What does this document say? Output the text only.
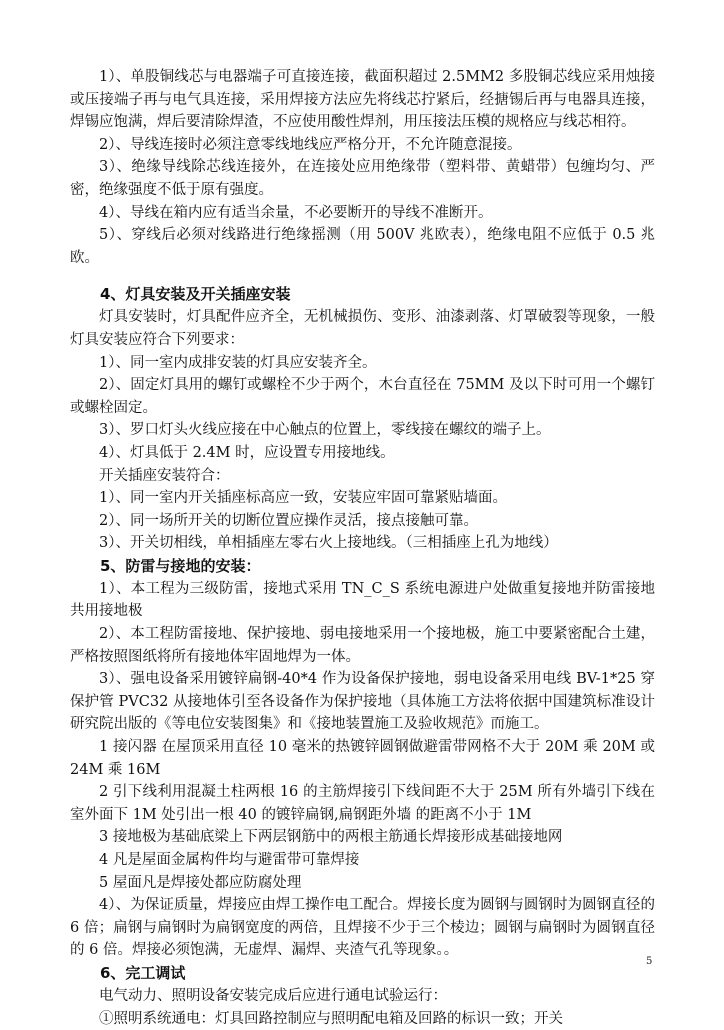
1）、单股铜线芯与电器端子可直接连接，截面积超过 2.5MM2 多股铜芯线应采用烛接或压接端子再与电气具连接，采用焊接方法应先将线芯拧紧后，经搪锡后再与电器具连接，焊锡应饱满，焊后要清除焊渣，不应使用酸性焊剂，用压接法压模的规格应与线芯相符。

2）、导线连接时必须注意零线地线应严格分开，不允许随意混接。

3）、绝缘导线除芯线连接外，在连接处应用绝缘带（塑料带、黄蜡带）包缠均匀、严密，绝缘强度不低于原有强度。

4）、导线在箱内应有适当余量，不必要断开的导线不准断开。

5）、穿线后必须对线路进行绝缘摇测（用 500V 兆欧表），绝缘电阻不应低于 0.5 兆欧。

4、灯具安装及开关插座安装

灯具安装时，灯具配件应齐全，无机械损伤、变形、油漆剥落、灯罩破裂等现象，一般灯具安装应符合下列要求：

1）、同一室内成排安装的灯具应安装齐全。

2）、固定灯具用的螺钉或螺栓不少于两个，木台直径在 75MM 及以下时可用一个螺钉或螺栓固定。

3）、罗口灯头火线应接在中心触点的位置上，零线接在螺纹的端子上。

4）、灯具低于 2.4M 时，应设置专用接地线。

开关插座安装符合：

1）、同一室内开关插座标高应一致，安装应牢固可靠紧贴墙面。

2）、同一场所开关的切断位置应操作灵活，接点接触可靠。

3）、开关切相线，单相插座左零右火上接地线。（三相插座上孔为地线）

5、防雷与接地的安装：

1）、本工程为三级防雷，接地式采用 TN_C_S 系统电源进户处做重复接地并防雷接地共用接地极

2）、本工程防雷接地、保护接地、弱电接地采用一个接地极，施工中要紧密配合土建，严格按照图纸将所有接地体牢固地焊为一体。

3）、强电设备采用镀锌扁钢-40*4 作为设备保护接地，弱电设备采用电线 BV-1*25 穿保护管 PVC32 从接地体引至各设备作为保护接地（具体施工方法将依据中国建筑标准设计研究院出版的《等电位安装图集》和《接地装置施工及验收规范》而施工。

1 接闪器 在屋顶采用直径 10 毫米的热镀锌圆钢做避雷带网格不大于 20M 乘 20M 或 24M 乘 16M

2 引下线利用混凝土柱两根 16 的主筋焊接引下线间距不大于 25M 所有外墙引下线在室外面下 1M 处引出一根 40 的镀锌扁钢,扁钢距外墙 的距离不小于 1M

3 接地极为基础底梁上下两层钢筋中的两根主筋通长焊接形成基础接地网

4 凡是屋面金属构件均与避雷带可靠焊接

5 屋面凡是焊接处都应防腐处理

4）、为保证质量，焊接应由焊工操作电工配合。焊接长度为圆钢与圆钢时为圆钢直径的 6 倍；扁钢与扁钢时为扁钢宽度的两倍，且焊接不少于三个棱边；圆钢与扁钢时为圆钢直径的 6 倍。焊接必须饱满，无虚焊、漏焊、夹渣气孔等现象。。

6、完工调试

电气动力、照明设备安装完成后应进行通电试验运行：

①照明系统通电：灯具回路控制应与照明配电箱及回路的标识一致；开关

5
